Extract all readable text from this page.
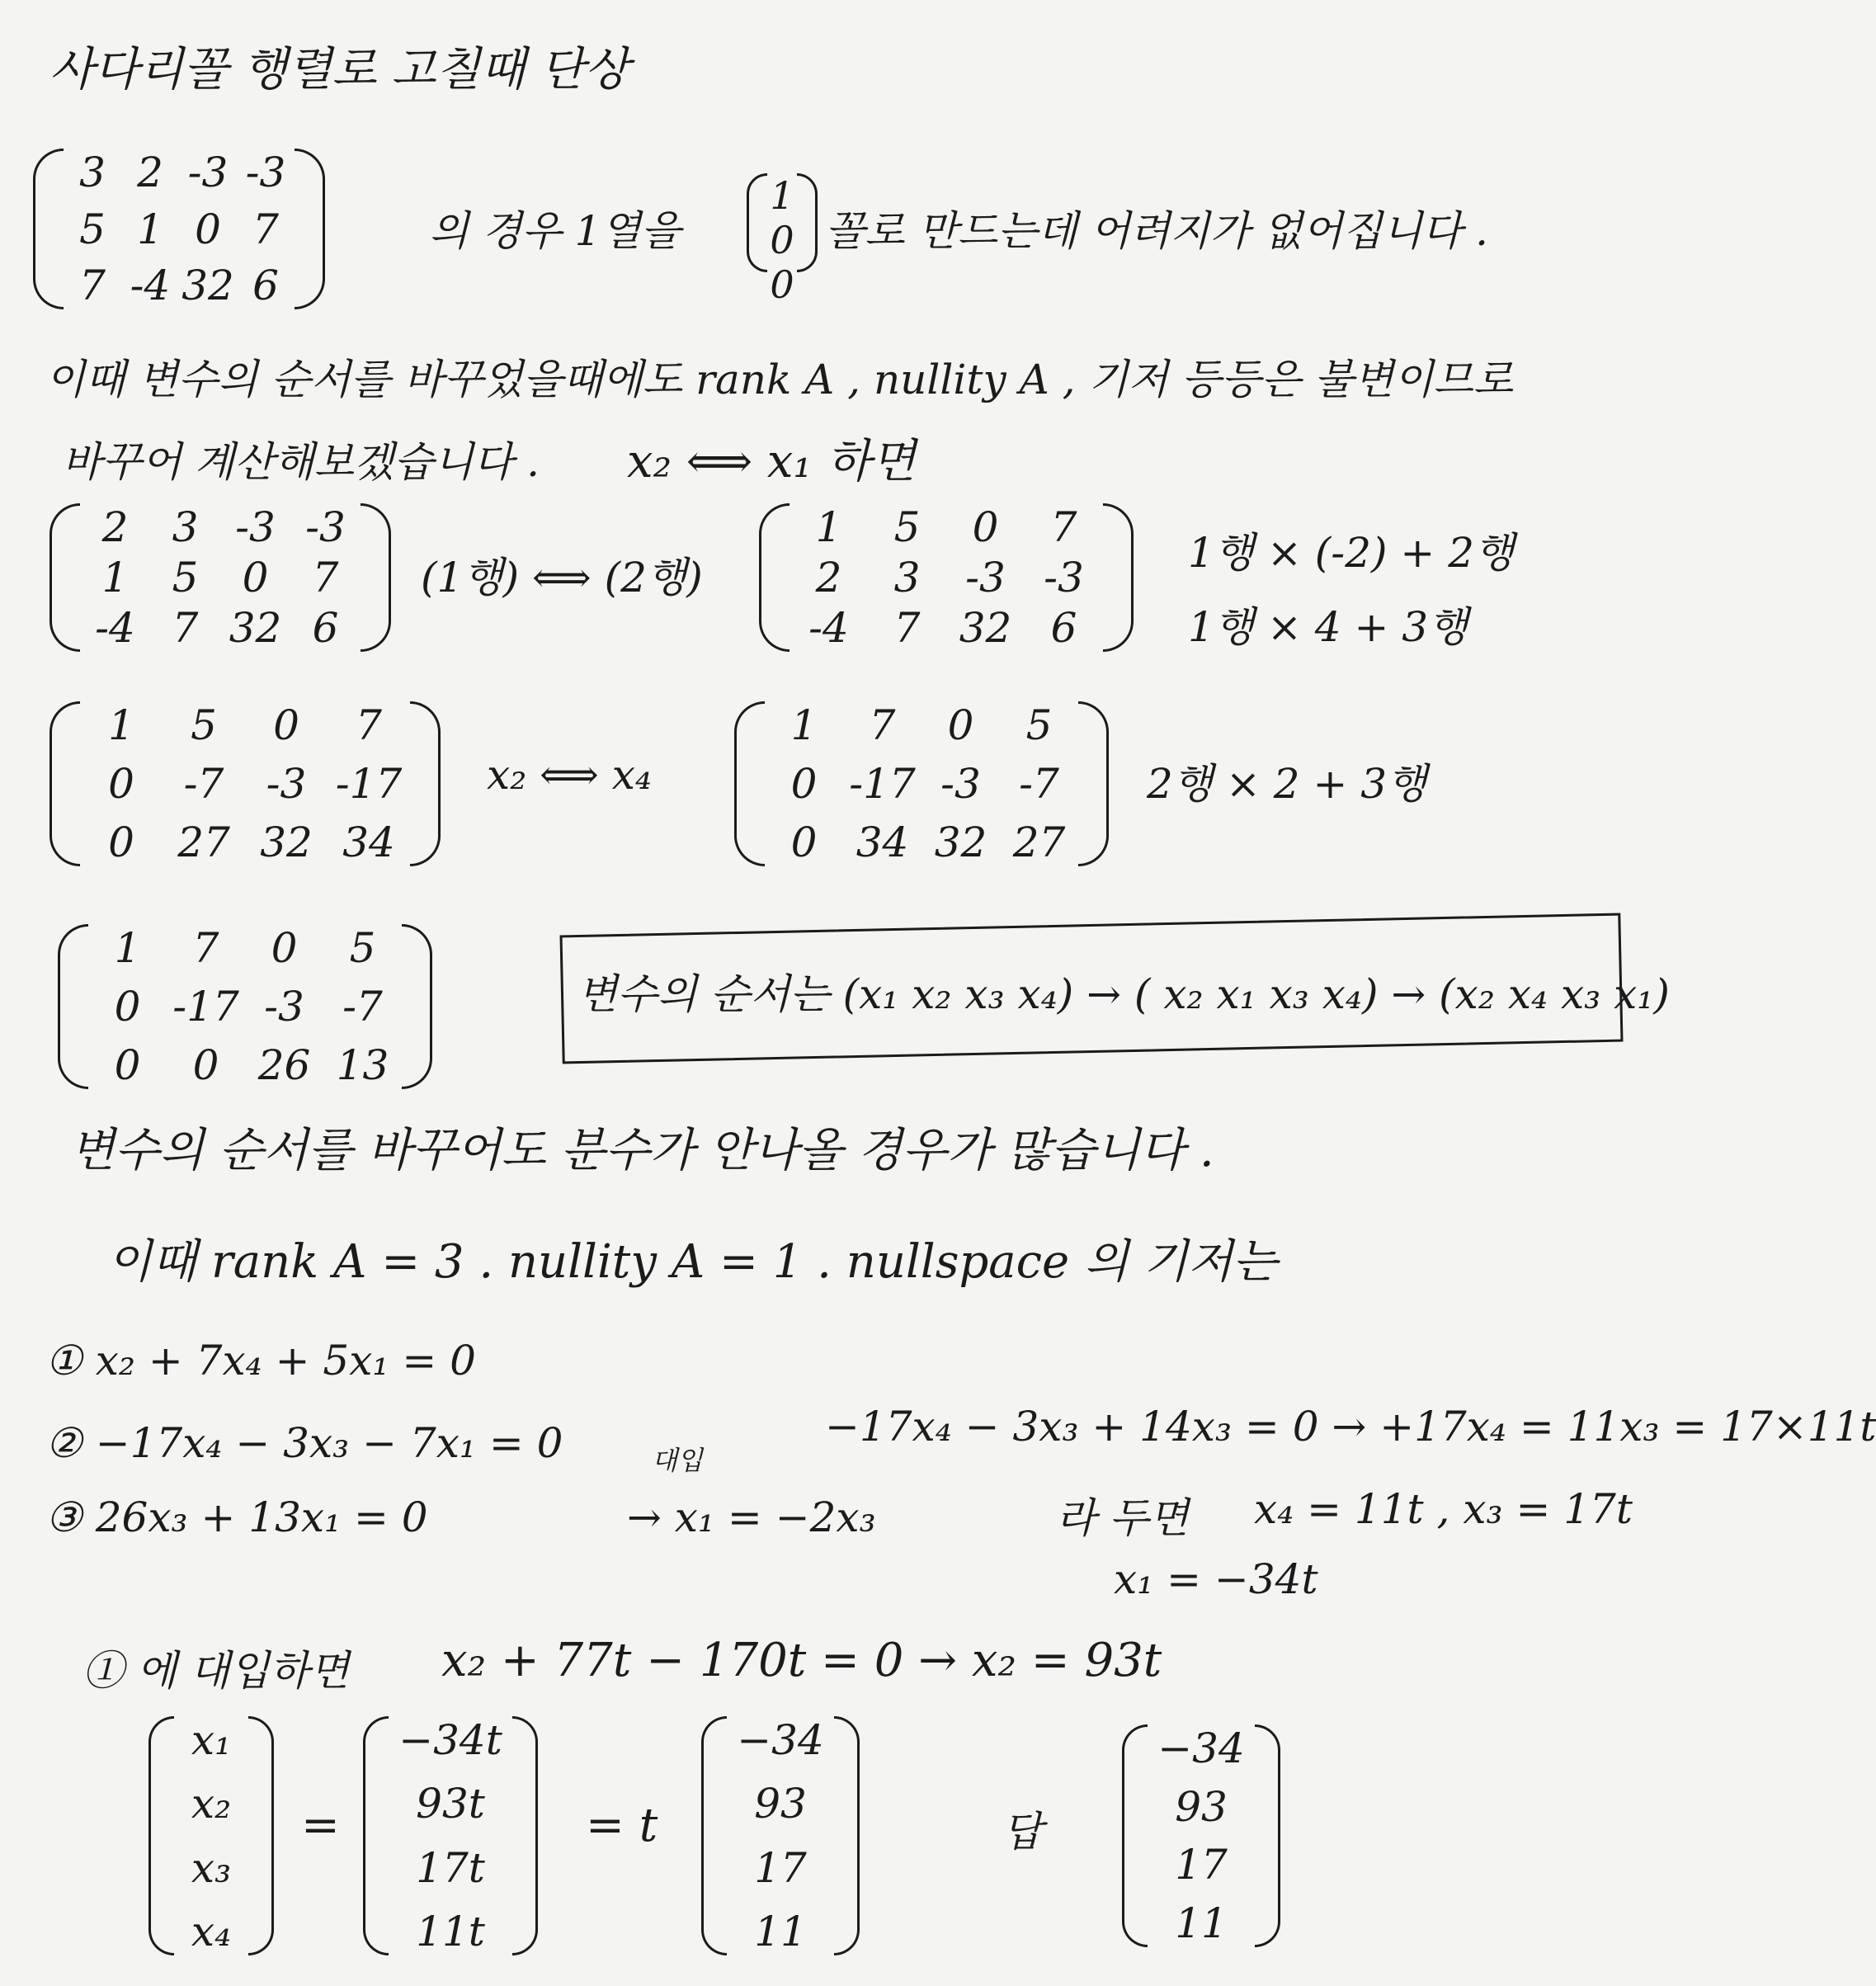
사다리꼴 행렬로 고칠때 단상
3 2 -3 -3
5 1 0 7
7 -4 32 6
의 경우 1열을
1
0
0
꼴로 만드는데 어려지가 없어집니다 .
이때 변수의 순서를 바꾸었을때에도 rank A , nullity A , 기저 등등은 불변이므로
바꾸어 계산해보겠습니다 . x₂ ⟺ x₁ 하면
2	3 -3 -3
1	5	0	7
-4 7 32 6
(1행) ⟺ (2행)
1	5	0	7
2	3	-3 -3
-4	7 32 6
1행 × (-2) + 2행
1행 × 4 + 3행
1	5	0	7
0	-7	-3 -17
0	27 32 34
x₂ ⟺ x₄
1	7	0	5
0 -17 -3 -7
0 34 32 27
2행 × 2 + 3행
1	7	0	5
0 -17 -3 -7
0	0 26 13
변수의 순서는 (x₁ x₂ x₃ x₄) → ( x₂ x₁ x₃ x₄) → (x₂ x₄ x₃ x₁)
변수의 순서를 바꾸어도 분수가 안나올 경우가 많습니다 .
이때 rank A = 3 . nullity A = 1 . nullspace 의 기저는
① x₂ + 7x₄ + 5x₁ = 0
② −17x₄ − 3x₃ − 7x₁ = 0
③ 26x₃ + 13x₁ = 0	→ x₁ = −2x₃
대입
−17x₄ − 3x₃ + 14x₃ = 0 → +17x₄ = 11x₃ = 17×11t
라 두면 x₄ = 11t , x₃ = 17t
x₁ = −34t
① 에 대입하면 x₂ + 77t − 170t = 0 → x₂ = 93t
x₁
x₂
x₃
x₄
=
−34t
93t
17t
11t
= t
−34
93
17
11
답
−34
93
17
11
